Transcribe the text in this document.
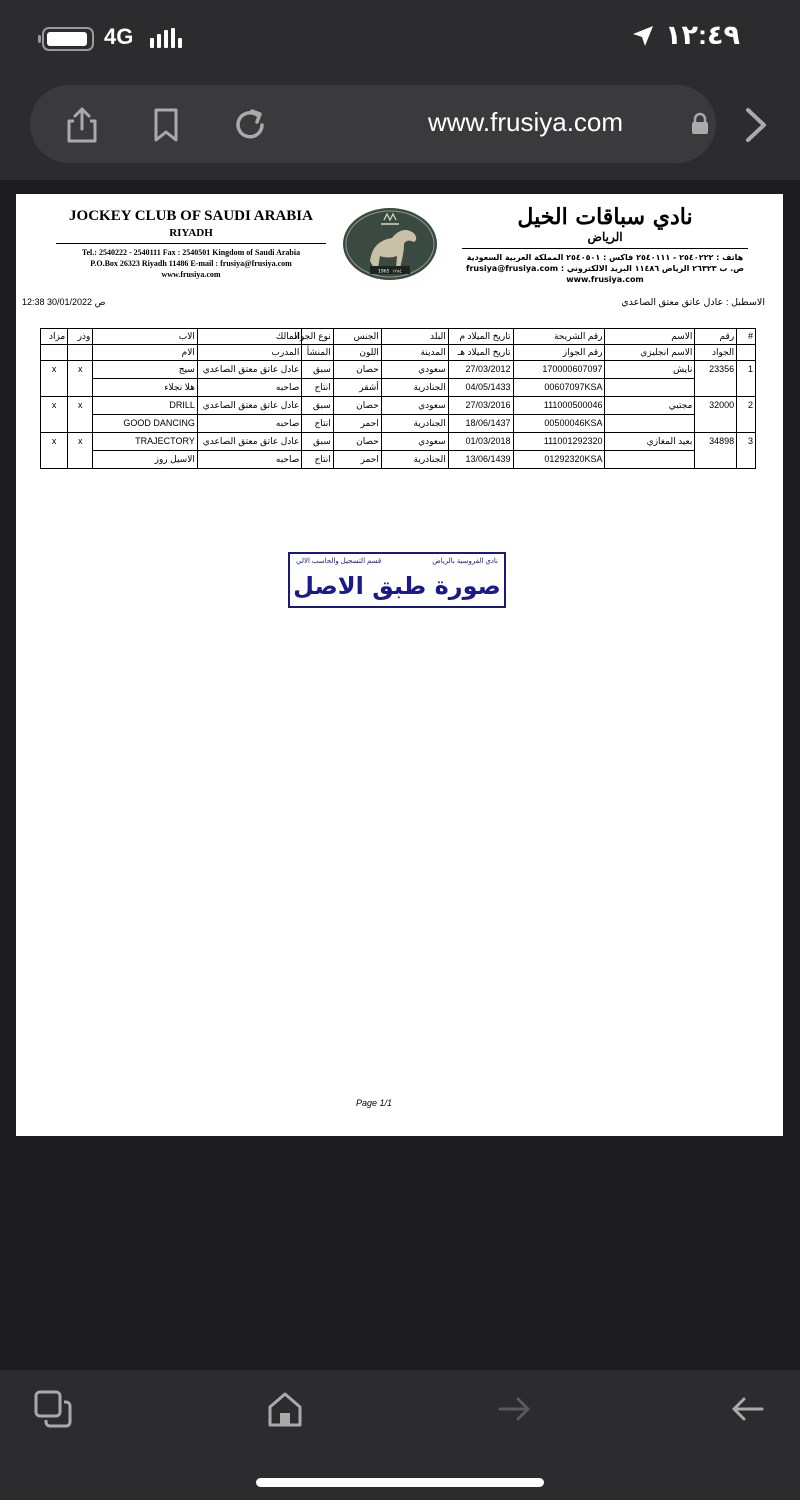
4G	١٢:٤٩
www.frusiya.com
JOCKEY CLUB OF SAUDI ARABIA
RIYADH
Tel.: 2540222 - 2540111 Fax : 2540501 Kingdom of Saudi Arabia
P.O.Box 26323 Riyadh 11486 E-mail : frusiya@frusiya.com
www.frusiya.com	1965 ١٣٨٤
نادي سباقات الخيل
الرياض
هاتف : ٢٥٤٠٢٢٢ - ٢٥٤٠١١١ فاكس : ٢٥٤٠٥٠١ المملكة العربية السعودية
ص. ب ٢٦٣٢٣ الرياض ١١٤٨٦ البريد الالكتروني : frusiya@frusiya.com
www.frusiya.com
12:38 30/01/2022 ص	الاسطبل : عادل عاتق معتق الصاعدي
#	رقم	الاسم	رقم الشريحة	تاريخ الميلاد م	البلد	الجنس	نوع الجواد	المالك	الاب	وذر	مزاد
	الجواد	الاسم انجليزي	رقم الجواز	تاريخ الميلاد هـ	المدينة	اللون	المنشأ	المدرب	الام		
1	23356	نايش	170000607097	27/03/2012	سعودي	حصان	سبق	عادل عاتق معتق الصاعدي	سيج	x	x
			00607097KSA	04/05/1433	الجنادرية	أشقر	انتاج	صاحبه	هلا نجلاء		
2	32000	مجتبي	111000500046	27/03/2016	سعودي	حصان	سبق	عادل عاتق معتق الصاعدي	DRILL	x	x
			00500046KSA	18/06/1437	الجنادرية	احمر	انتاج	صاحبه	GOOD DANCING		
3	34898	بعيد المغازي	111001292320	01/03/2018	سعودي	حصان	سبق	عادل عاتق معتق الصاعدي	TRAJECTORY	x	x
			01292320KSA	13/06/1439	الجنادرية	احمر	انتاج	صاحبه	الاسيل روز		
نادي الفروسية بالرياض
قسم التسجيل والحاسب الالي
صورة طبق الاصل
Page 1/1
